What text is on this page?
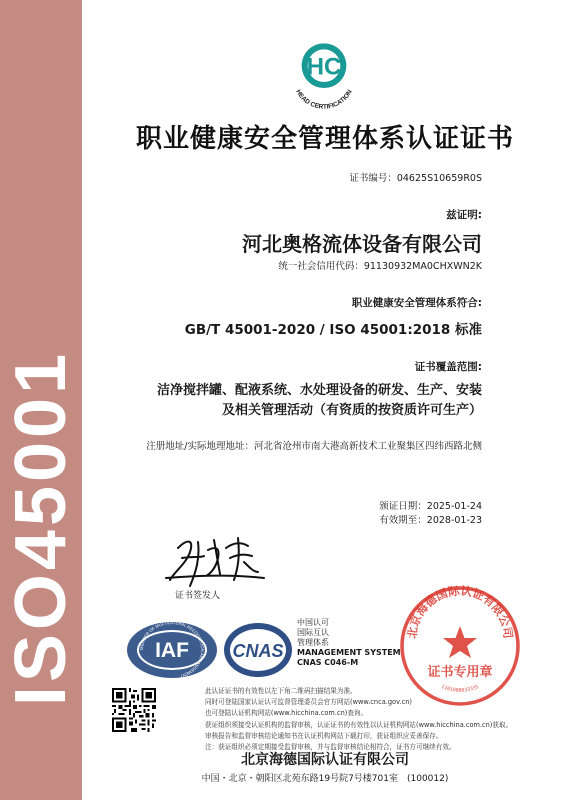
ISO45001
HC
HEAD CERTIFICATION
职业健康安全管理体系认证证书
证书编号：04625S10659R0S
兹证明:
河北奥格流体设备有限公司
统一社会信用代码：91130932MA0CHXWN2K
职业健康安全管理体系符合:
GB/T 45001-2020 / ISO 45001:2018 标准
证书覆盖范围:
洁净搅拌罐、配液系统、水处理设备的研发、生产、安装
及相关管理活动（有资质的按资质许可生产）
注册地址/实际地理地址：河北省沧州市南大港高新技术工业聚集区四纬西路北侧
颁证日期：2025-01-24
有效期至：2028-01-23
证书签发人
IAF
MEMBER OF MULTILATERAL RECOGNITION ARRANGEMENT
CNAS
中国认可
国际互认
管理体系
MANAGEMENT SYSTEM
CNAS C046-M
北京海德国际认证有限公司
证书专用章
1101080033335
此认证证书的有效性以左下角二维码扫描结果为准。
同时可登陆国家认证认可监督管理委员会官方网站(www.cnca.gov.cn)
也可登陆认证机构网站(www.hicchina.com.cn)查询。
获证组织须接受认证机构的监督审核，认证证书的有效性以认证机构网站(www.hicchina.com.cn)获取。
审核报告和监督审核结论通知书在认证机构网站下载打印，获证组织应妥善保存。
注：获证组织必须定期接受监督审核，并与监督审核结论相符合，证书方可继续有效。
北京海德国际认证有限公司
中国・北京・朝阳区北苑东路19号院7号楼701室　(100012)
